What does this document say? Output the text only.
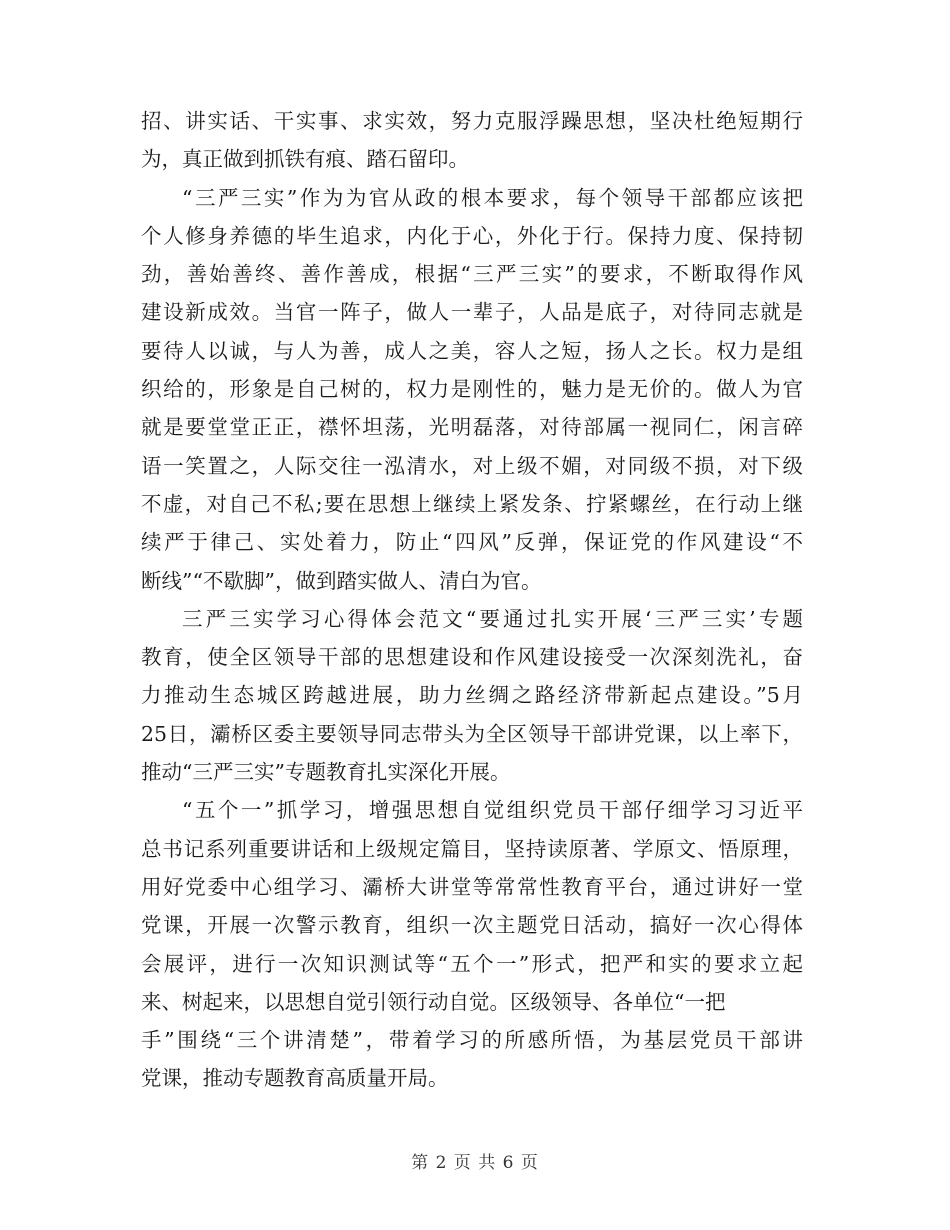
招、讲实话、干实事、求实效，努力克服浮躁思想，坚决杜绝短期行
为，真正做到抓铁有痕、踏石留印。
“三严三实”作为为官从政的根本要求，每个领导干部都应该把
个人修身养德的毕生追求，内化于心，外化于行。保持力度、保持韧
劲，善始善终、善作善成，根据“三严三实”的要求，不断取得作风
建设新成效。当官一阵子，做人一辈子，人品是底子，对待同志就是
要待人以诚，与人为善，成人之美，容人之短，扬人之长。权力是组
织给的，形象是自己树的，权力是刚性的，魅力是无价的。做人为官
就是要堂堂正正，襟怀坦荡，光明磊落，对待部属一视同仁，闲言碎
语一笑置之，人际交往一泓清水，对上级不媚，对同级不损，对下级
不虚，对自己不私;要在思想上继续上紧发条、拧紧螺丝，在行动上继
续严于律己、实处着力，防止“四风”反弹，保证党的作风建设“不
断线”“不歇脚”，做到踏实做人、清白为官。
三严三实学习心得体会范文“要通过扎实开展‘三严三实’专题
教育，使全区领导干部的思想建设和作风建设接受一次深刻洗礼，奋
力推动生态城区跨越进展，助力丝绸之路经济带新起点建设。”5月
25日，灞桥区委主要领导同志带头为全区领导干部讲党课，以上率下，
推动“三严三实”专题教育扎实深化开展。
“五个一”抓学习，增强思想自觉组织党员干部仔细学习习近平
总书记系列重要讲话和上级规定篇目，坚持读原著、学原文、悟原理，
用好党委中心组学习、灞桥大讲堂等常常性教育平台，通过讲好一堂
党课，开展一次警示教育，组织一次主题党日活动，搞好一次心得体
会展评，进行一次知识测试等“五个一”形式，把严和实的要求立起
来、树起来，以思想自觉引领行动自觉。区级领导、各单位“一把
手”围绕“三个讲清楚”，带着学习的所感所悟，为基层党员干部讲
党课，推动专题教育高质量开局。
第 2 页 共 6 页
